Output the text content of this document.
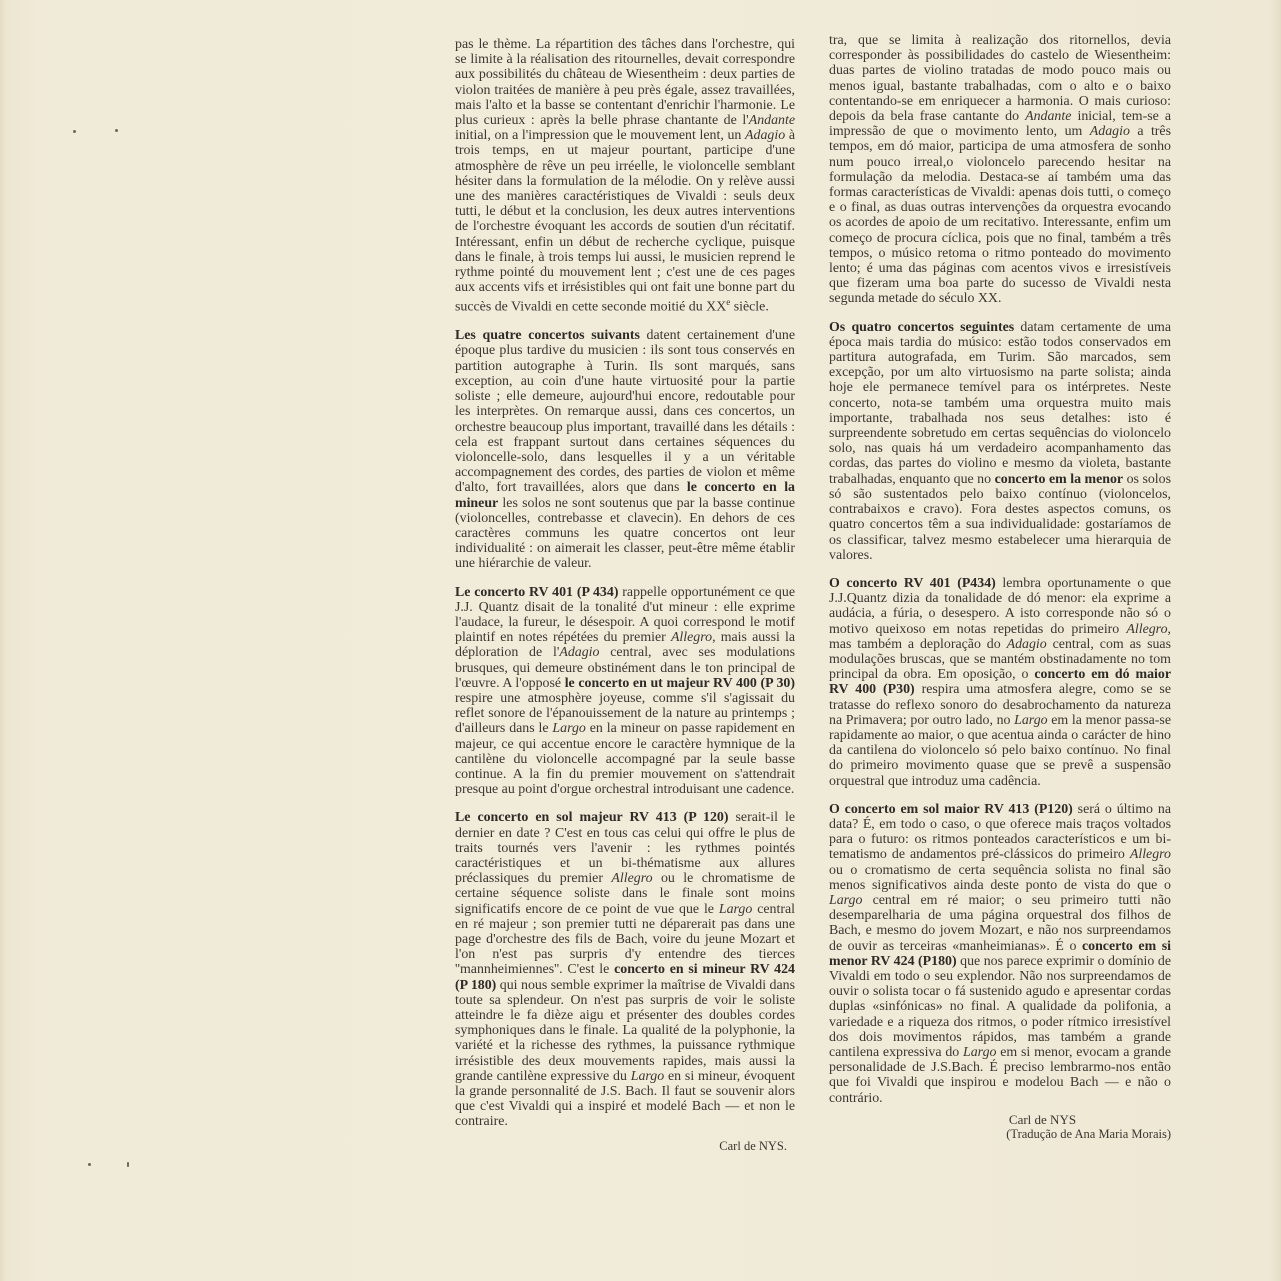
pas le thème. La répartition des tâches dans l'orchestre, qui se limite à la réalisation des ritournelles, devait correspondre aux possibilités du château de Wiesentheim : deux parties de violon traitées de manière à peu près égale, assez travaillées, mais l'alto et la basse se contentant d'enrichir l'harmonie. Le plus curieux : après la belle phrase chantante de l'Andante initial, on a l'impression que le mouvement lent, un Adagio à trois temps, en ut majeur pourtant, participe d'une atmosphère de rêve un peu irréelle, le violoncelle semblant hésiter dans la formulation de la mélodie. On y relève aussi une des manières caractéristiques de Vivaldi : seuls deux tutti, le début et la conclusion, les deux autres interventions de l'orchestre évoquant les accords de soutien d'un récitatif. Intéressant, enfin un début de recherche cyclique, puisque dans le finale, à trois temps lui aussi, le musicien reprend le rythme pointé du mouvement lent ; c'est une de ces pages aux accents vifs et irrésistibles qui ont fait une bonne part du succès de Vivaldi en cette seconde moitié du XXe siècle.

Les quatre concertos suivants datent certainement d'une époque plus tardive du musicien : ils sont tous conservés en partition autographe à Turin. Ils sont marqués, sans exception, au coin d'une haute virtuosité pour la partie soliste ; elle demeure, aujourd'hui encore, redoutable pour les interprètes. On remarque aussi, dans ces concertos, un orchestre beaucoup plus important, travaillé dans les détails : cela est frappant surtout dans certaines séquences du violoncelle-solo, dans lesquelles il y a un véritable accompagnement des cordes, des parties de violon et même d'alto, fort travaillées, alors que dans le concerto en la mineur les solos ne sont soutenus que par la basse continue (violoncelles, contrebasse et clavecin). En dehors de ces caractères communs les quatre concertos ont leur individualité : on aimerait les classer, peut-être même établir une hiérarchie de valeur.

Le concerto RV 401 (P 434) rappelle opportunément ce que J.J. Quantz disait de la tonalité d'ut mineur : elle exprime l'audace, la fureur, le désespoir. A quoi correspond le motif plaintif en notes répétées du premier Allegro, mais aussi la déploration de l'Adagio central, avec ses modulations brusques, qui demeure obstinément dans le ton principal de l'œuvre. A l'opposé le concerto en ut majeur RV 400 (P 30) respire une atmosphère joyeuse, comme s'il s'agissait du reflet sonore de l'épanouissement de la nature au printemps ; d'ailleurs dans le Largo en la mineur on passe rapidement en majeur, ce qui accentue encore le caractère hymnique de la cantilène du violoncelle accompagné par la seule basse continue. A la fin du premier mouvement on s'attendrait presque au point d'orgue orchestral introduisant une cadence.

Le concerto en sol majeur RV 413 (P 120) serait-il le dernier en date ? C'est en tous cas celui qui offre le plus de traits tournés vers l'avenir : les rythmes pointés caractéristiques et un bi-thématisme aux allures préclassiques du premier Allegro ou le chromatisme de certaine séquence soliste dans le finale sont moins significatifs encore de ce point de vue que le Largo central en ré majeur ; son premier tutti ne déparerait pas dans une page d'orchestre des fils de Bach, voire du jeune Mozart et l'on n'est pas surpris d'y entendre des tierces ''mannheimiennes''. C'est le concerto en si mineur RV 424 (P 180) qui nous semble exprimer la maîtrise de Vivaldi dans toute sa splendeur. On n'est pas surpris de voir le soliste atteindre le fa dièze aigu et présenter des doubles cordes symphoniques dans le finale. La qualité de la polyphonie, la variété et la richesse des rythmes, la puissance rythmique irrésistible des deux mouvements rapides, mais aussi la grande cantilène expressive du Largo en si mineur, évoquent la grande personnalité de J.S. Bach. Il faut se souvenir alors que c'est Vivaldi qui a inspiré et modelé Bach — et non le contraire.

Carl de NYS.

tra, que se limita à realização dos ritornellos, devia corresponder às possibilidades do castelo de Wiesentheim: duas partes de violino tratadas de modo pouco mais ou menos igual, bastante trabalhadas, com o alto e o baixo contentando-se em enriquecer a harmonia. O mais curioso: depois da bela frase cantante do Andante inicial, tem-se a impressão de que o movimento lento, um Adagio a três tempos, em dó maior, participa de uma atmosfera de sonho num pouco irreal,o violoncelo parecendo hesitar na formulação da melodia. Destaca-se aí também uma das formas características de Vivaldi: apenas dois tutti, o começo e o final, as duas outras intervenções da orquestra evocando os acordes de apoio de um recitativo. Interessante, enfim um começo de procura cíclica, pois que no final, também a três tempos, o músico retoma o ritmo ponteado do movimento lento; é uma das páginas com acentos vivos e irresistíveis que fizeram uma boa parte do sucesso de Vivaldi nesta segunda metade do século XX.

Os quatro concertos seguintes datam certamente de uma época mais tardia do músico: estão todos conservados em partitura autografada, em Turim. São marcados, sem excepção, por um alto virtuosismo na parte solista; ainda hoje ele permanece temível para os intérpretes. Neste concerto, nota-se também uma orquestra muito mais importante, trabalhada nos seus detalhes: isto é surpreendente sobretudo em certas sequências do violoncelo solo, nas quais há um verdadeiro acompanhamento das cordas, das partes do violino e mesmo da violeta, bastante trabalhadas, enquanto que no concerto em la menor os solos só são sustentados pelo baixo contínuo (violoncelos, contrabaixos e cravo). Fora destes aspectos comuns, os quatro concertos têm a sua individualidade: gostaríamos de os classificar, talvez mesmo estabelecer uma hierarquia de valores.

O concerto RV 401 (P434) lembra oportunamente o que J.J.Quantz dizia da tonalidade de dó menor: ela exprime a audácia, a fúria, o desespero. A isto corresponde não só o motivo queixoso em notas repetidas do primeiro Allegro, mas também a deploração do Adagio central, com as suas modulações bruscas, que se mantém obstinadamente no tom principal da obra. Em oposição, o concerto em dó maior RV 400 (P30) respira uma atmosfera alegre, como se se tratasse do reflexo sonoro do desabrochamento da natureza na Primavera; por outro lado, no Largo em la menor passa-se rapidamente ao maior, o que acentua ainda o carácter de hino da cantilena do violoncelo só pelo baixo contínuo. No final do primeiro movimento quase que se prevê a suspensão orquestral que introduz uma cadência.

O concerto em sol maior RV 413 (P120) será o último na data? É, em todo o caso, o que oferece mais traços voltados para o futuro: os ritmos ponteados característicos e um bi-tematismo de andamentos pré-clássicos do primeiro Allegro ou o cromatismo de certa sequência solista no final são menos significativos ainda deste ponto de vista do que o Largo central em ré maior; o seu primeiro tutti não desemparelharia de uma página orquestral dos filhos de Bach, e mesmo do jovem Mozart, e não nos surpreendamos de ouvir as terceiras «manheimianas». É o concerto em si menor RV 424 (P180) que nos parece exprimir o domínio de Vivaldi em todo o seu explendor. Não nos surpreendamos de ouvir o solista tocar o fá sustenido agudo e apresentar cordas duplas «sinfónicas» no final. A qualidade da polifonia, a variedade e a riqueza dos ritmos, o poder rítmico irresistível dos dois movimentos rápidos, mas também a grande cantilena expressiva do Largo em si menor, evocam a grande personalidade de J.S.Bach. É preciso lembrarmo-nos então que foi Vivaldi que inspirou e modelou Bach — e não o contrário.

Carl de NYS
(Tradução de Ana Maria Morais)
